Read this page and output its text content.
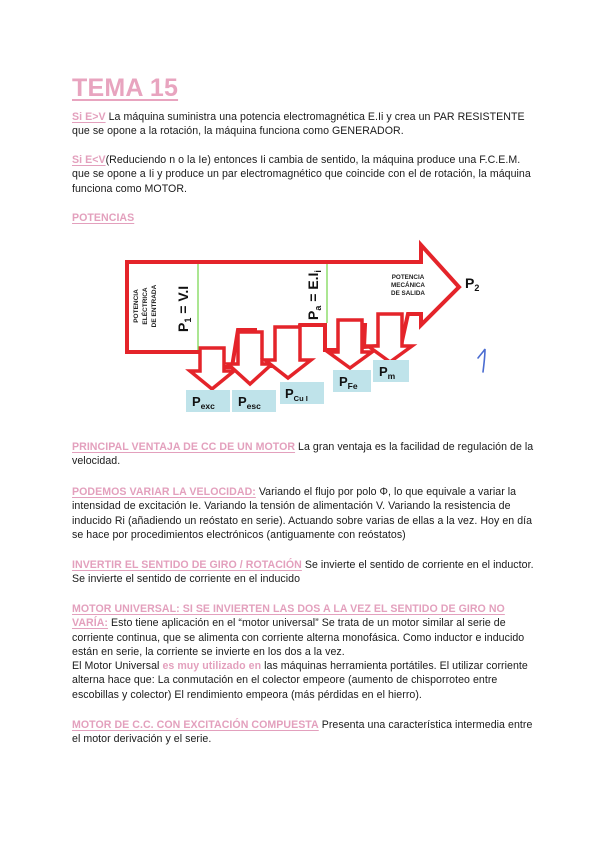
TEMA 15
Si E>V La máquina suministra una potencia electromagnética E.Ii y crea un PAR RESISTENTE que se opone a la rotación, la máquina funciona como GENERADOR.
Si E<V(Reduciendo n o la Ie) entonces Ii cambia de sentido, la máquina produce una F.C.E.M. que se opone a Ii y produce un par electromagnético que coincide con el de rotación, la máquina funciona como MOTOR.
POTENCIAS
POTENCIA ELÉCTRICA DE ENTRADA
$P_1 = V.I$	$P_a = E.I_i$
POTENCIA
MECÁNICA
DE SALIDA
$P_2$
$P_{exc}$ $P_{esc}$
$P_{Cu I}$
$P_{Fe}$
$P_m$
PRINCIPAL VENTAJA DE CC DE UN MOTOR La gran ventaja es la facilidad de regulación de la velocidad.
PODEMOS VARIAR LA VELOCIDAD: Variando el flujo por polo Φ, lo que equivale a variar la intensidad de excitación Ie. Variando la tensión de alimentación V. Variando la resistencia de inducido Ri (añadiendo un reóstato en serie). Actuando sobre varias de ellas a la vez. Hoy en día se hace por procedimientos electrónicos (antiguamente con reóstatos)
INVERTIR EL SENTIDO DE GIRO / ROTACIÓN Se invierte el sentido de corriente en el inductor. Se invierte el sentido de corriente en el inducido
MOTOR UNIVERSAL: SI SE INVIERTEN LAS DOS A LA VEZ EL SENTIDO DE GIRO NO VARÍA: Esto tiene aplicación en el “motor universal” Se trata de un motor similar al serie de corriente continua, que se alimenta con corriente alterna monofásica. Como inductor e inducido están en serie, la corriente se invierte en los dos a la vez.
El Motor Universal es muy utilizado en las máquinas herramienta portátiles. El utilizar corriente alterna hace que: La conmutación en el colector empeore (aumento de chisporroteo entre escobillas y colector) El rendimiento empeora (más pérdidas en el hierro).
MOTOR DE C.C. CON EXCITACIÓN COMPUESTA Presenta una característica intermedia entre el motor derivación y el serie.
